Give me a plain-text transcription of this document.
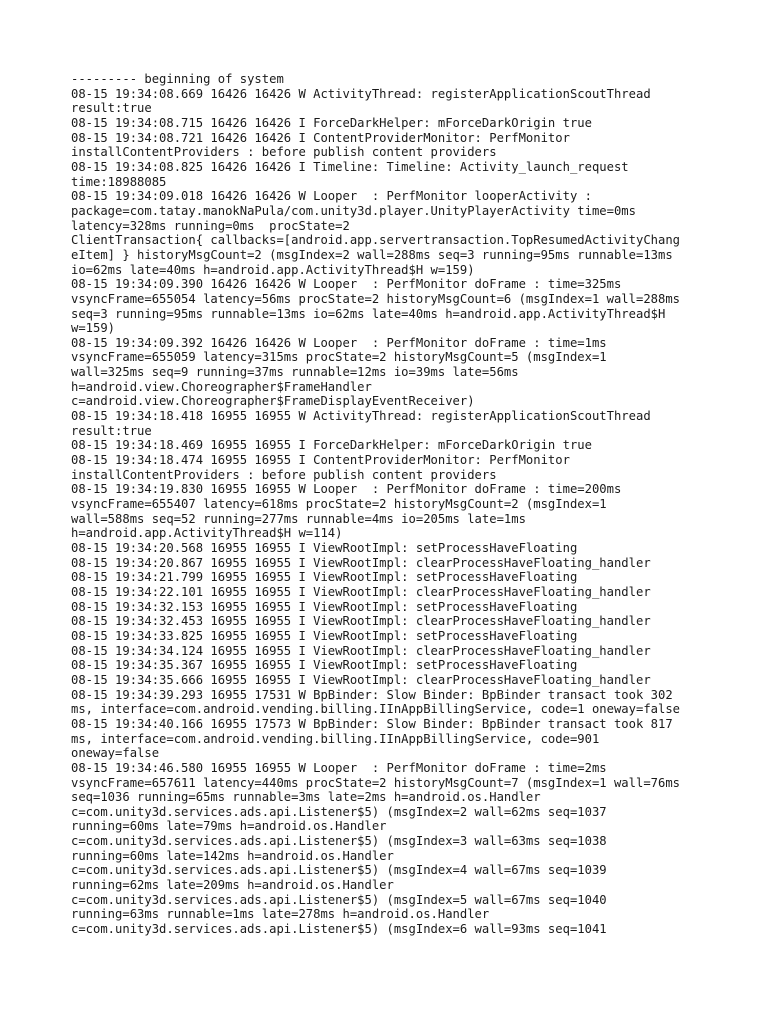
--------- beginning of system
08-15 19:34:08.669 16426 16426 W ActivityThread: registerApplicationScoutThread
result:true
08-15 19:34:08.715 16426 16426 I ForceDarkHelper: mForceDarkOrigin true
08-15 19:34:08.721 16426 16426 I ContentProviderMonitor: PerfMonitor
installContentProviders : before publish content providers
08-15 19:34:08.825 16426 16426 I Timeline: Timeline: Activity_launch_request
time:18988085
08-15 19:34:09.018 16426 16426 W Looper  : PerfMonitor looperActivity :
package=com.tatay.manokNaPula/com.unity3d.player.UnityPlayerActivity time=0ms
latency=328ms running=0ms  procState=2
ClientTransaction{ callbacks=[android.app.servertransaction.TopResumedActivityChang
eItem] } historyMsgCount=2 (msgIndex=2 wall=288ms seq=3 running=95ms runnable=13ms
io=62ms late=40ms h=android.app.ActivityThread$H w=159)
08-15 19:34:09.390 16426 16426 W Looper  : PerfMonitor doFrame : time=325ms
vsyncFrame=655054 latency=56ms procState=2 historyMsgCount=6 (msgIndex=1 wall=288ms
seq=3 running=95ms runnable=13ms io=62ms late=40ms h=android.app.ActivityThread$H
w=159)
08-15 19:34:09.392 16426 16426 W Looper  : PerfMonitor doFrame : time=1ms
vsyncFrame=655059 latency=315ms procState=2 historyMsgCount=5 (msgIndex=1
wall=325ms seq=9 running=37ms runnable=12ms io=39ms late=56ms
h=android.view.Choreographer$FrameHandler
c=android.view.Choreographer$FrameDisplayEventReceiver)
08-15 19:34:18.418 16955 16955 W ActivityThread: registerApplicationScoutThread
result:true
08-15 19:34:18.469 16955 16955 I ForceDarkHelper: mForceDarkOrigin true
08-15 19:34:18.474 16955 16955 I ContentProviderMonitor: PerfMonitor
installContentProviders : before publish content providers
08-15 19:34:19.830 16955 16955 W Looper  : PerfMonitor doFrame : time=200ms
vsyncFrame=655407 latency=618ms procState=2 historyMsgCount=2 (msgIndex=1
wall=588ms seq=52 running=277ms runnable=4ms io=205ms late=1ms
h=android.app.ActivityThread$H w=114)
08-15 19:34:20.568 16955 16955 I ViewRootImpl: setProcessHaveFloating
08-15 19:34:20.867 16955 16955 I ViewRootImpl: clearProcessHaveFloating_handler
08-15 19:34:21.799 16955 16955 I ViewRootImpl: setProcessHaveFloating
08-15 19:34:22.101 16955 16955 I ViewRootImpl: clearProcessHaveFloating_handler
08-15 19:34:32.153 16955 16955 I ViewRootImpl: setProcessHaveFloating
08-15 19:34:32.453 16955 16955 I ViewRootImpl: clearProcessHaveFloating_handler
08-15 19:34:33.825 16955 16955 I ViewRootImpl: setProcessHaveFloating
08-15 19:34:34.124 16955 16955 I ViewRootImpl: clearProcessHaveFloating_handler
08-15 19:34:35.367 16955 16955 I ViewRootImpl: setProcessHaveFloating
08-15 19:34:35.666 16955 16955 I ViewRootImpl: clearProcessHaveFloating_handler
08-15 19:34:39.293 16955 17531 W BpBinder: Slow Binder: BpBinder transact took 302
ms, interface=com.android.vending.billing.IInAppBillingService, code=1 oneway=false
08-15 19:34:40.166 16955 17573 W BpBinder: Slow Binder: BpBinder transact took 817
ms, interface=com.android.vending.billing.IInAppBillingService, code=901
oneway=false
08-15 19:34:46.580 16955 16955 W Looper  : PerfMonitor doFrame : time=2ms
vsyncFrame=657611 latency=440ms procState=2 historyMsgCount=7 (msgIndex=1 wall=76ms
seq=1036 running=65ms runnable=3ms late=2ms h=android.os.Handler
c=com.unity3d.services.ads.api.Listener$5) (msgIndex=2 wall=62ms seq=1037
running=60ms late=79ms h=android.os.Handler
c=com.unity3d.services.ads.api.Listener$5) (msgIndex=3 wall=63ms seq=1038
running=60ms late=142ms h=android.os.Handler
c=com.unity3d.services.ads.api.Listener$5) (msgIndex=4 wall=67ms seq=1039
running=62ms late=209ms h=android.os.Handler
c=com.unity3d.services.ads.api.Listener$5) (msgIndex=5 wall=67ms seq=1040
running=63ms runnable=1ms late=278ms h=android.os.Handler
c=com.unity3d.services.ads.api.Listener$5) (msgIndex=6 wall=93ms seq=1041
